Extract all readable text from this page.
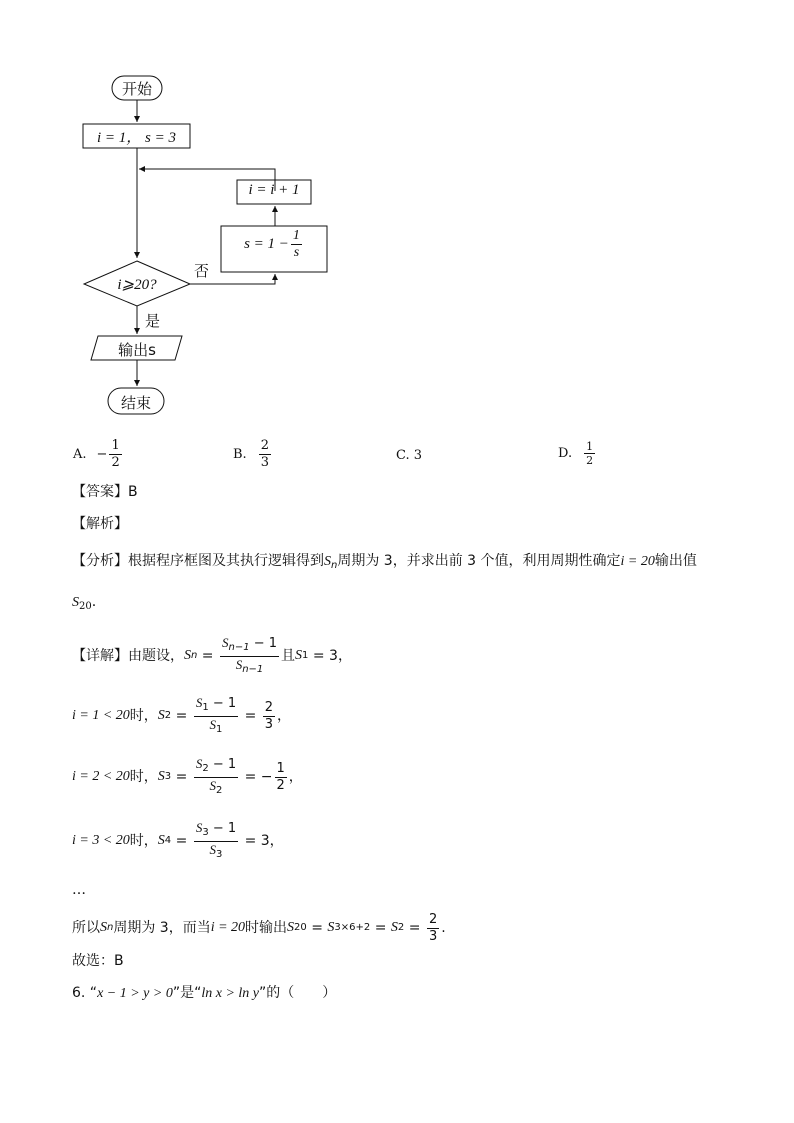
开始
i = 1， s = 3
i = i + 1
$s = 1 - \frac{1}{s}$
i⩾20?
否
是
输出s
结束
A. − $\frac{1}{2}$	B. $\frac{2}{3}$	C. 3	D. $\frac{1}{2}$
【答案】B
【解析】
【分析】根据程序框图及其执行逻辑得到$S_n$周期为 3，并求出前 3 个值，利用周期性确定i = 20输出值
$S_{20}$.
【详解】 由题设， S $n = \frac{S_{n-1} - 1}{S_{n-1}}$ 且 S 1 = 3 ，
i = 1 < 20 时， S $2 = \frac{S_1 - 1}{S_1} = \frac{2}{3}$ ，
i = 2 < 20 时， S $3 = \frac{S_2 - 1}{S_2}$ = − $\frac{1}{2}$ ，
i = 3 < 20 时， S $4 = \frac{S_3 - 1}{S_3} = 3$ ，
…
所以 S n 周期为 3，而当 i = 20 时输出 S 20 = S 3×6+2 = S $2 = \frac{2}{3}$ .
故选：B
6. “x − 1 > y > 0”是“ln x > ln y”的（　　）
